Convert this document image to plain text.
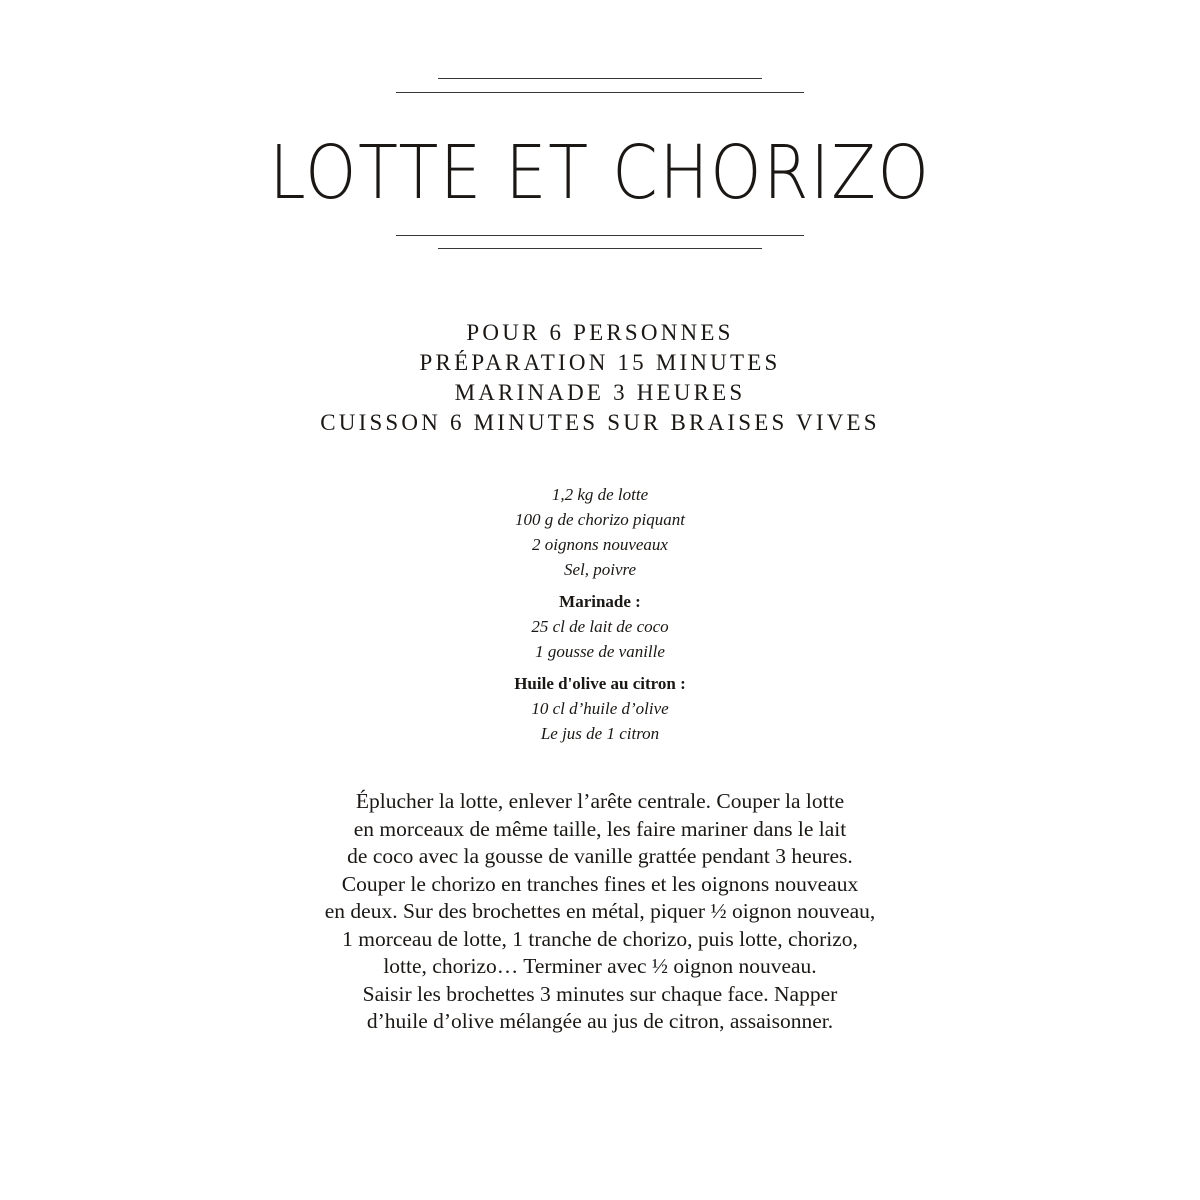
LOTTE ET CHORIZO
POUR 6 PERSONNES
PRÉPARATION 15 MINUTES
MARINADE 3 HEURES
CUISSON 6 MINUTES SUR BRAISES VIVES
1,2 kg de lotte
100 g de chorizo piquant
2 oignons nouveaux
Sel, poivre
Marinade :
25 cl de lait de coco
1 gousse de vanille
Huile d'olive au citron :
10 cl d’huile d’olive
Le jus de 1 citron
Éplucher la lotte, enlever l’arête centrale. Couper la lotte
en morceaux de même taille, les faire mariner dans le lait
de coco avec la gousse de vanille grattée pendant 3 heures.
Couper le chorizo en tranches fines et les oignons nouveaux
en deux. Sur des brochettes en métal, piquer ½ oignon nouveau,
1 morceau de lotte, 1 tranche de chorizo, puis lotte, chorizo,
lotte, chorizo… Terminer avec ½ oignon nouveau.
Saisir les brochettes 3 minutes sur chaque face. Napper
d’huile d’olive mélangée au jus de citron, assaisonner.
